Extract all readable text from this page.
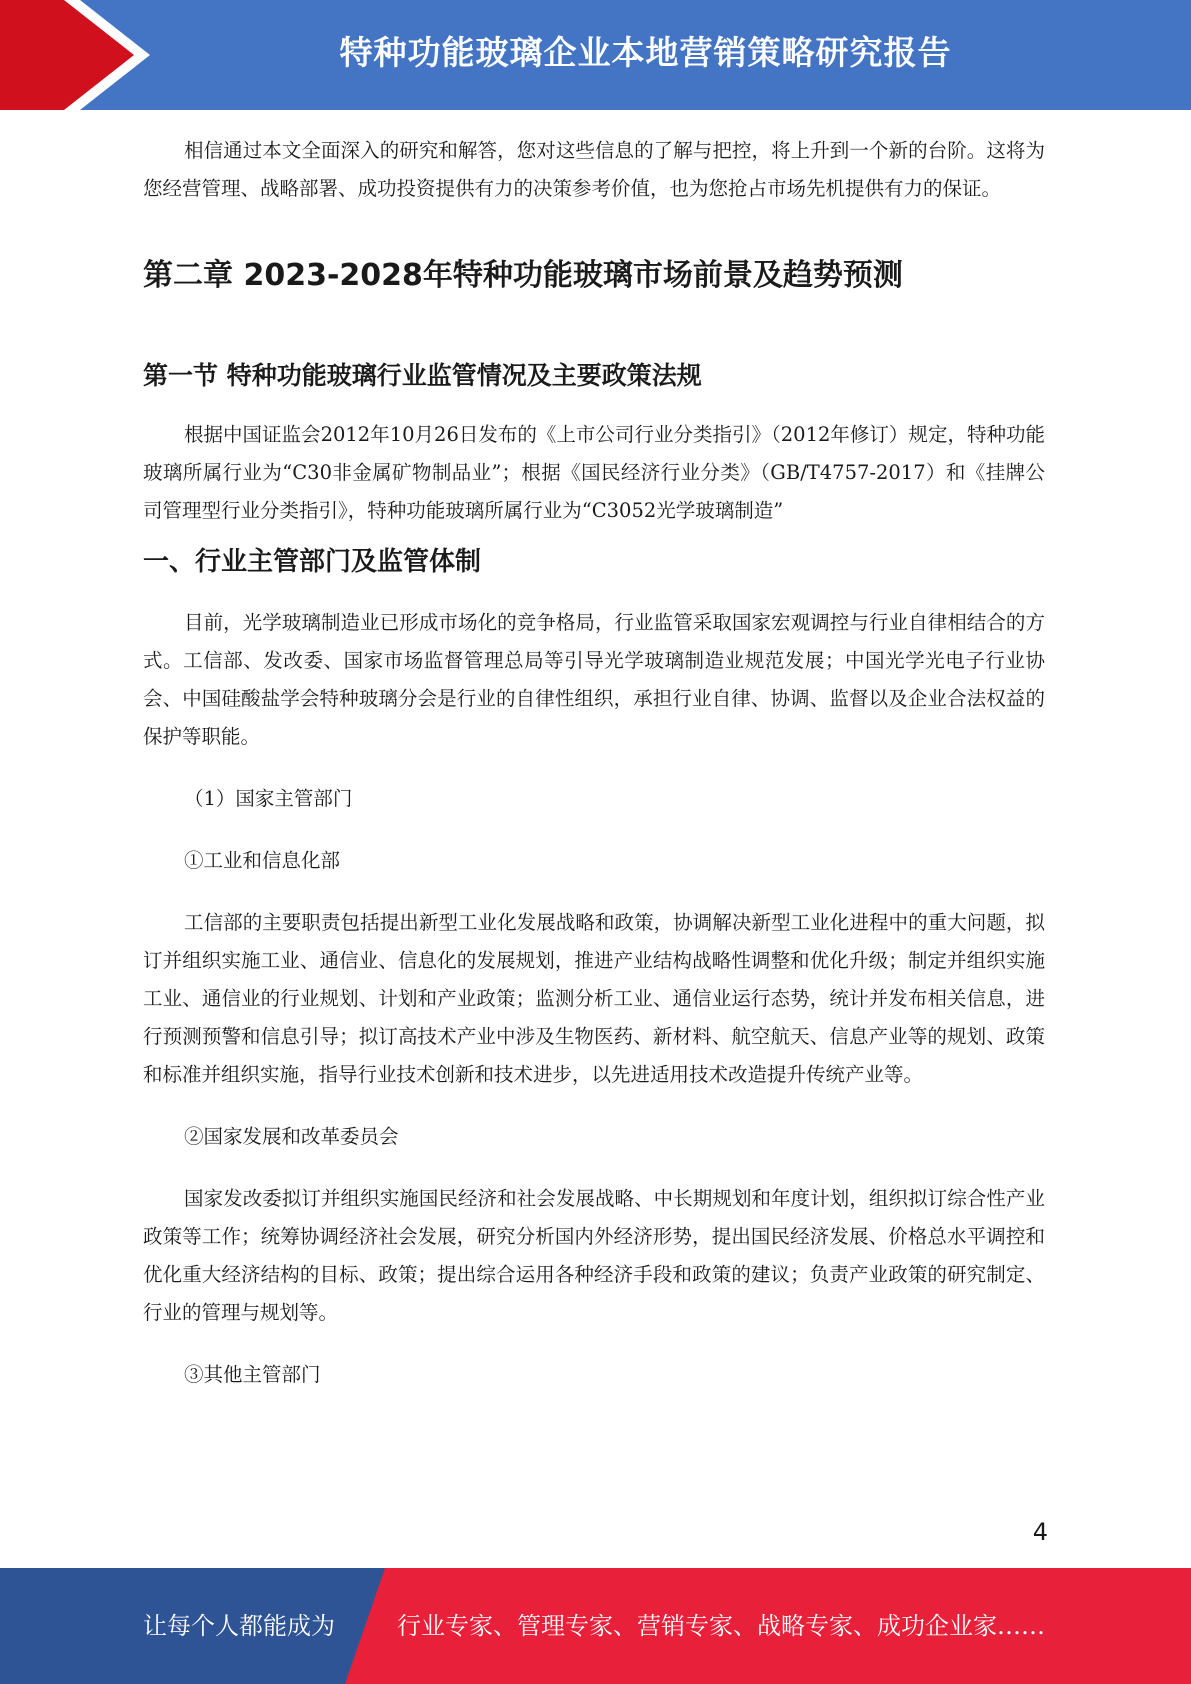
特种功能玻璃企业本地营销策略研究报告

相信通过本文全面深入的研究和解答，您对这些信息的了解与把控，将上升到一个新的台阶。这将为您经营管理、战略部署、成功投资提供有力的决策参考价值，也为您抢占市场先机提供有力的保证。

第二章 2023-2028年特种功能玻璃市场前景及趋势预测
第一节 特种功能玻璃行业监管情况及主要政策法规

根据中国证监会2012年10月26日发布的《上市公司行业分类指引》（2012年修订）规定，特种功能玻璃所属行业为“C30非金属矿物制品业”；根据《国民经济行业分类》（GB/T4757-2017）和《挂牌公司管理型行业分类指引》，特种功能玻璃所属行业为“C3052光学玻璃制造”

一、行业主管部门及监管体制

目前，光学玻璃制造业已形成市场化的竞争格局，行业监管采取国家宏观调控与行业自律相结合的方式。工信部、发改委、国家市场监督管理总局等引导光学玻璃制造业规范发展；中国光学光电子行业协会、中国硅酸盐学会特种玻璃分会是行业的自律性组织，承担行业自律、协调、监督以及企业合法权益的保护等职能。

（1）国家主管部门

①工业和信息化部

工信部的主要职责包括提出新型工业化发展战略和政策，协调解决新型工业化进程中的重大问题，拟订并组织实施工业、通信业、信息化的发展规划，推进产业结构战略性调整和优化升级；制定并组织实施工业、通信业的行业规划、计划和产业政策；监测分析工业、通信业运行态势，统计并发布相关信息，进行预测预警和信息引导；拟订高技术产业中涉及生物医药、新材料、航空航天、信息产业等的规划、政策和标准并组织实施，指导行业技术创新和技术进步，以先进适用技术改造提升传统产业等。

②国家发展和改革委员会

国家发改委拟订并组织实施国民经济和社会发展战略、中长期规划和年度计划，组织拟订综合性产业政策等工作；统筹协调经济社会发展，研究分析国内外经济形势，提出国民经济发展、价格总水平调控和优化重大经济结构的目标、政策；提出综合运用各种经济手段和政策的建议；负责产业政策的研究制定、行业的管理与规划等。

③其他主管部门

4
让每个人都能成为	行业专家、管理专家、营销专家、战略专家、成功企业家……
